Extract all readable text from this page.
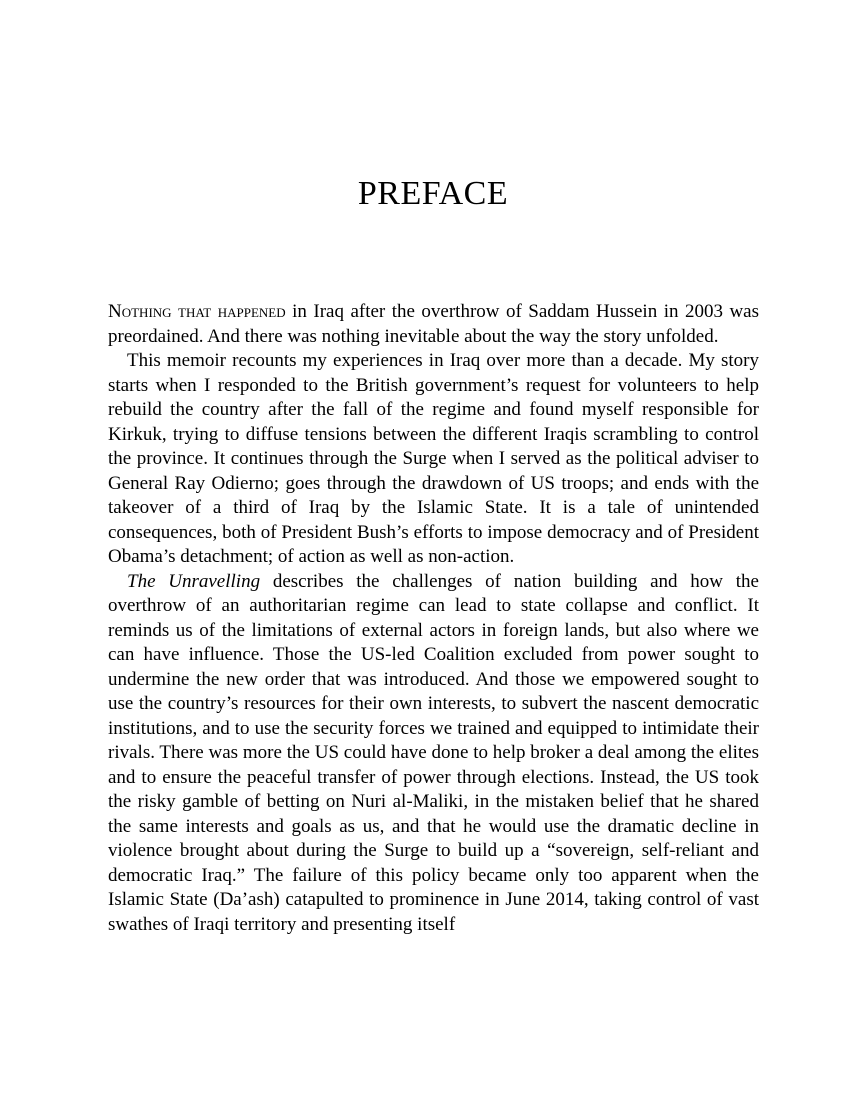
PREFACE

Nothing that happened in Iraq after the overthrow of Saddam Hussein in 2003 was preordained. And there was nothing inevitable about the way the story unfolded.

This memoir recounts my experiences in Iraq over more than a decade. My story starts when I responded to the British government’s request for volunteers to help rebuild the country after the fall of the regime and found myself responsible for Kirkuk, trying to diffuse tensions between the different Iraqis scrambling to control the province. It continues through the Surge when I served as the political adviser to General Ray Odierno; goes through the drawdown of US troops; and ends with the takeover of a third of Iraq by the Islamic State. It is a tale of unintended consequences, both of President Bush’s efforts to impose democracy and of President Obama’s detachment; of action as well as non-action.

The Unravelling describes the challenges of nation building and how the overthrow of an authoritarian regime can lead to state collapse and conflict. It reminds us of the limitations of external actors in foreign lands, but also where we can have influence. Those the US-led Coalition excluded from power sought to undermine the new order that was introduced. And those we empowered sought to use the country’s resources for their own interests, to subvert the nascent democratic institutions, and to use the security forces we trained and equipped to intimidate their rivals. There was more the US could have done to help broker a deal among the elites and to ensure the peaceful transfer of power through elections. Instead, the US took the risky gamble of betting on Nuri al-Maliki, in the mistaken belief that he shared the same interests and goals as us, and that he would use the dramatic decline in violence brought about during the Surge to build up a “sovereign, self-reliant and democratic Iraq.” The failure of this policy became only too apparent when the Islamic State (Da’ash) catapulted to prominence in June 2014, taking control of vast swathes of Iraqi territory and presenting itself
